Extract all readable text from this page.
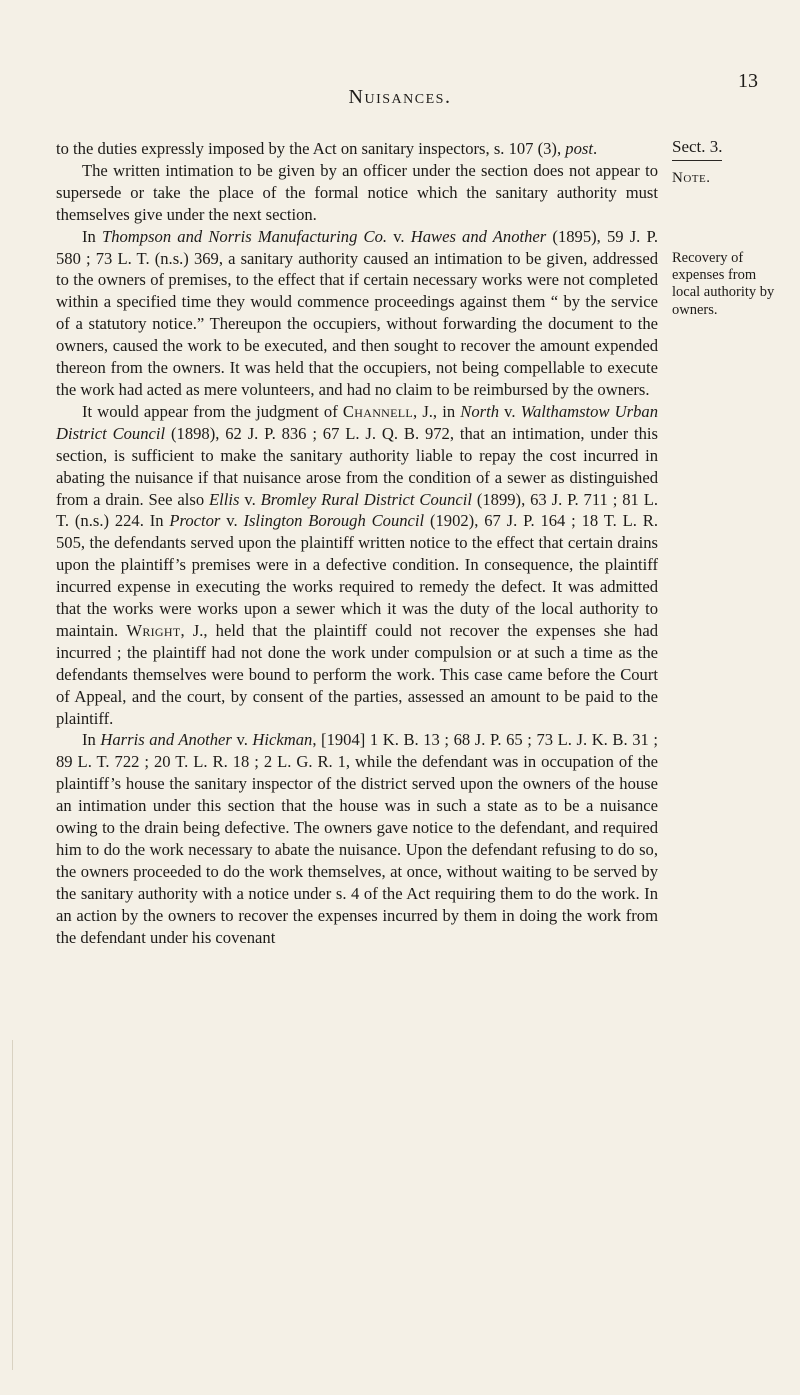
Nuisances.
13
Sect. 3.
Note.
Recovery of expenses from local authority by owners.

to the duties expressly imposed by the Act on sanitary inspectors, s. 107 (3), post.

The written intimation to be given by an officer under the section does not appear to supersede or take the place of the formal notice which the sanitary authority must themselves give under the next section.

In Thompson and Norris Manufacturing Co. v. Hawes and Another (1895), 59 J. P. 580 ; 73 L. T. (n.s.) 369, a sanitary authority caused an intimation to be given, addressed to the owners of premises, to the effect that if certain necessary works were not completed within a specified time they would commence proceedings against them “ by the service of a statutory notice.” Thereupon the occupiers, without forwarding the document to the owners, caused the work to be executed, and then sought to recover the amount expended thereon from the owners. It was held that the occupiers, not being compellable to execute the work had acted as mere volunteers, and had no claim to be reimbursed by the owners.

It would appear from the judgment of Channell, J., in North v. Walthamstow Urban District Council (1898), 62 J. P. 836 ; 67 L. J. Q. B. 972, that an intimation, under this section, is sufficient to make the sanitary authority liable to repay the cost incurred in abating the nuisance if that nuisance arose from the condition of a sewer as distinguished from a drain. See also Ellis v. Bromley Rural District Council (1899), 63 J. P. 711 ; 81 L. T. (n.s.) 224. In Proctor v. Islington Borough Council (1902), 67 J. P. 164 ; 18 T. L. R. 505, the defendants served upon the plaintiff written notice to the effect that certain drains upon the plaintiff’s premises were in a defective condition. In consequence, the plaintiff incurred expense in executing the works required to remedy the defect. It was admitted that the works were works upon a sewer which it was the duty of the local authority to maintain. Wright, J., held that the plaintiff could not recover the expenses she had incurred ; the plaintiff had not done the work under compulsion or at such a time as the defendants themselves were bound to perform the work. This case came before the Court of Appeal, and the court, by consent of the parties, assessed an amount to be paid to the plaintiff.

In Harris and Another v. Hickman, [1904] 1 K. B. 13 ; 68 J. P. 65 ; 73 L. J. K. B. 31 ; 89 L. T. 722 ; 20 T. L. R. 18 ; 2 L. G. R. 1, while the defendant was in occupation of the plaintiff’s house the sanitary inspector of the district served upon the owners of the house an intimation under this section that the house was in such a state as to be a nuisance owing to the drain being defective. The owners gave notice to the defendant, and required him to do the work necessary to abate the nuisance. Upon the defendant refusing to do so, the owners proceeded to do the work themselves, at once, without waiting to be served by the sanitary authority with a notice under s. 4 of the Act requiring them to do the work. In an action by the owners to recover the expenses incurred by them in doing the work from the defendant under his covenant
